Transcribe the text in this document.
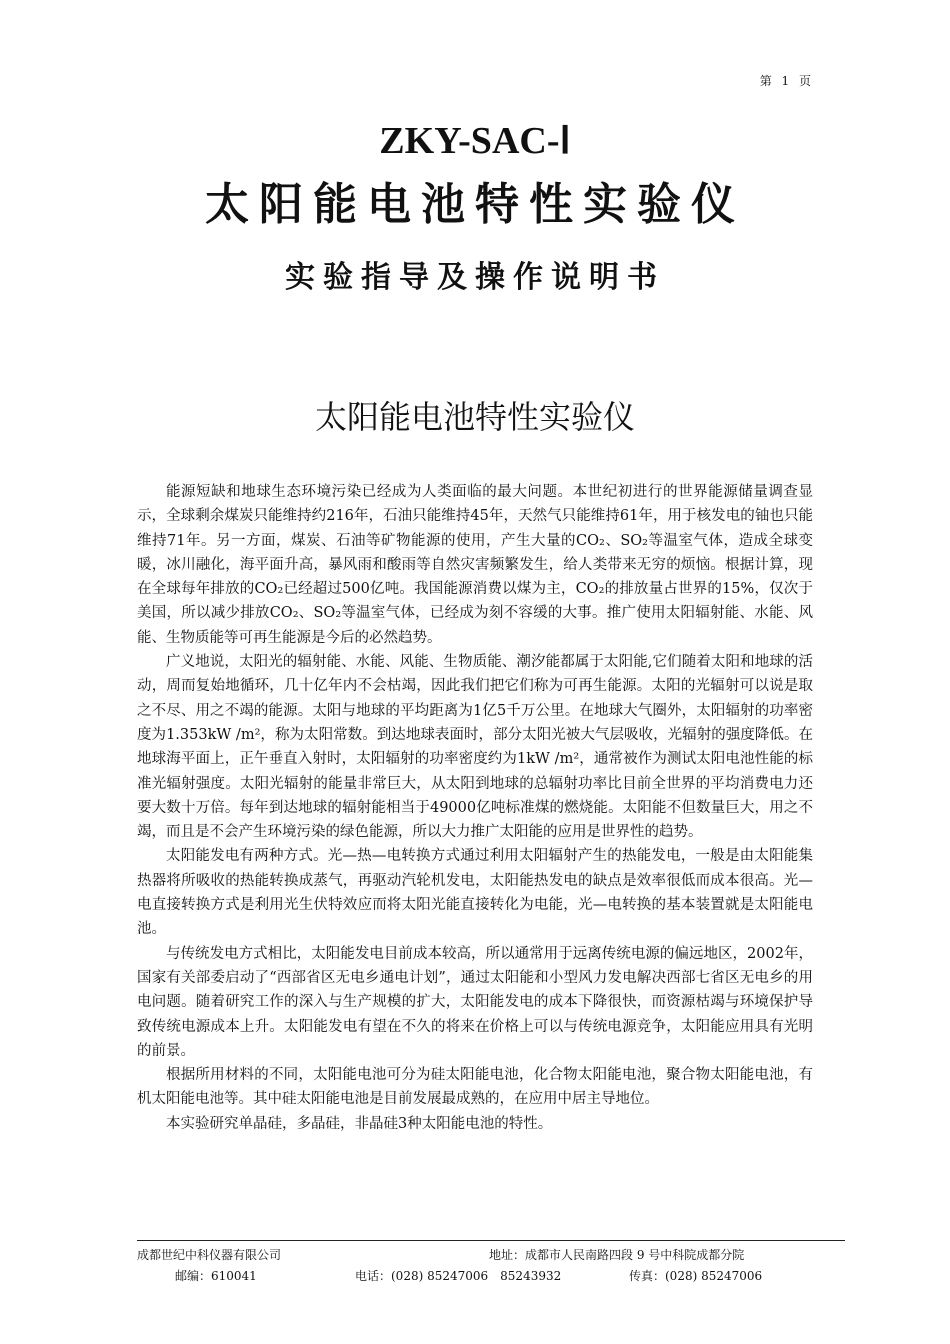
第 1 页
ZKY-SAC-Ⅰ
太阳能电池特性实验仪
实验指导及操作说明书
太阳能电池特性实验仪

能源短缺和地球生态环境污染已经成为人类面临的最大问题。本世纪初进行的世界能源储量调查显示，全球剩余煤炭只能维持约216年，石油只能维持45年，天然气只能维持61年，用于核发电的铀也只能维持71年。另一方面，煤炭、石油等矿物能源的使用，产生大量的CO₂、SO₂等温室气体，造成全球变暖，冰川融化，海平面升高，暴风雨和酸雨等自然灾害频繁发生，给人类带来无穷的烦恼。根据计算，现在全球每年排放的CO₂已经超过500亿吨。我国能源消费以煤为主，CO₂的排放量占世界的15%，仅次于美国，所以减少排放CO₂、SO₂等温室气体，已经成为刻不容缓的大事。推广使用太阳辐射能、水能、风能、生物质能等可再生能源是今后的必然趋势。

广义地说，太阳光的辐射能、水能、风能、生物质能、潮汐能都属于太阳能,它们随着太阳和地球的活动，周而复始地循环，几十亿年内不会枯竭，因此我们把它们称为可再生能源。太阳的光辐射可以说是取之不尽、用之不竭的能源。太阳与地球的平均距离为1亿5千万公里。在地球大气圈外，太阳辐射的功率密度为1.353kW /m²，称为太阳常数。到达地球表面时，部分太阳光被大气层吸收，光辐射的强度降低。在地球海平面上，正午垂直入射时，太阳辐射的功率密度约为1kW /m²，通常被作为测试太阳电池性能的标准光辐射强度。太阳光辐射的能量非常巨大，从太阳到地球的总辐射功率比目前全世界的平均消费电力还要大数十万倍。每年到达地球的辐射能相当于49000亿吨标准煤的燃烧能。太阳能不但数量巨大，用之不竭，而且是不会产生环境污染的绿色能源，所以大力推广太阳能的应用是世界性的趋势。

太阳能发电有两种方式。光—热—电转换方式通过利用太阳辐射产生的热能发电，一般是由太阳能集热器将所吸收的热能转换成蒸气，再驱动汽轮机发电，太阳能热发电的缺点是效率很低而成本很高。光—电直接转换方式是利用光生伏特效应而将太阳光能直接转化为电能，光—电转换的基本装置就是太阳能电池。

与传统发电方式相比，太阳能发电目前成本较高，所以通常用于远离传统电源的偏远地区，2002年，国家有关部委启动了“西部省区无电乡通电计划”，通过太阳能和小型风力发电解决西部七省区无电乡的用电问题。随着研究工作的深入与生产规模的扩大，太阳能发电的成本下降很快，而资源枯竭与环境保护导致传统电源成本上升。太阳能发电有望在不久的将来在价格上可以与传统电源竞争，太阳能应用具有光明的前景。

根据所用材料的不同，太阳能电池可分为硅太阳能电池，化合物太阳能电池，聚合物太阳能电池，有机太阳能电池等。其中硅太阳能电池是目前发展最成熟的，在应用中居主导地位。

本实验研究单晶硅，多晶硅，非晶硅3种太阳能电池的特性。

成都世纪中科仪器有限公司	地址：成都市人民南路四段 9 号中科院成都分院
邮编：610041	电话：(028) 85247006　85243932	传真：(028) 85247006
